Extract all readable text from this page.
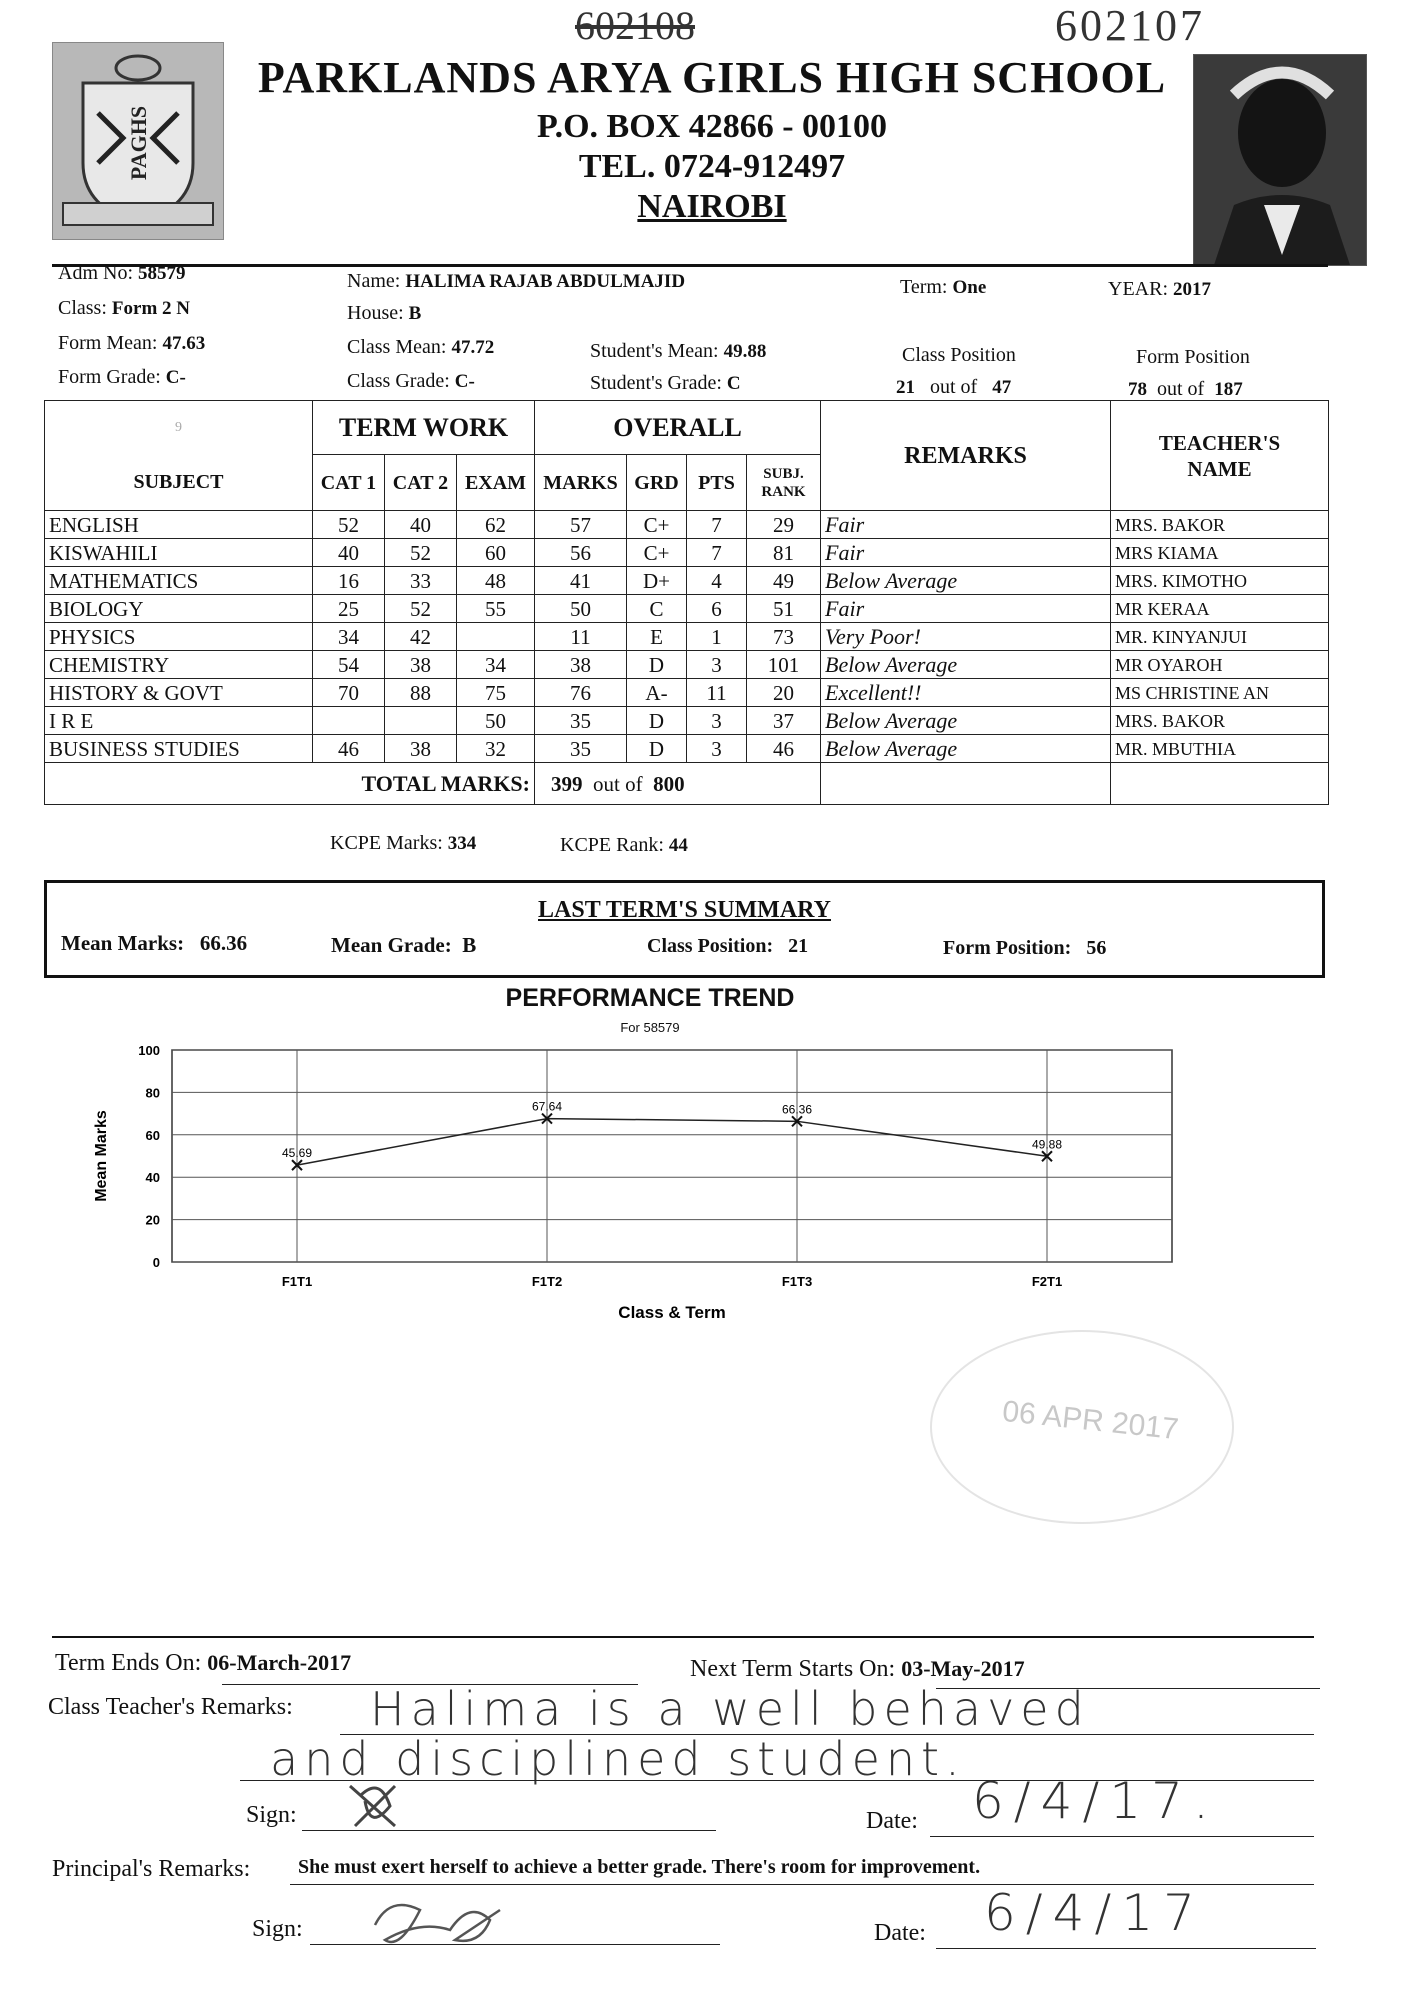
602108	602107
PAGHS
PARKLANDS ARYA GIRLS HIGH SCHOOL
P.O. BOX 42866 - 00100
TEL. 0724-912497
NAIROBI
Adm No: 58579	Name: HALIMA RAJAB ABDULMAJID	Term: One	YEAR: 2017
Class: Form 2 N	House: B
Form Mean: 47.63	Class Mean: 47.72	Student's Mean: 49.88	Class Position	Form Position
Form Grade: C-	Class Grade: C-	Student's Grade: C	21 out of 47	78 out of 187
9	TERM WORK			OVERALL				REMARKS	TEACHER'S
NAME

SUBJECT	CAT 1	CAT 2	EXAM	MARKS	GRD	PTS	SUBJ.
RANK		

ENGLISH	52	40	62	57	C+	7	29	Fair	MRS. BAKOR
KISWAHILI	40	52	60	56	C+	7	81	Fair	MRS KIAMA
MATHEMATICS	16	33	48	41	D+	4	49	Below Average	MRS. KIMOTHO
BIOLOGY	25	52	55	50	C	6	51	Fair	MR KERAA
PHYSICS	34	42		11	E	1	73	Very Poor!	MR. KINYANJUI
CHEMISTRY	54	38	34	38	D	3	101	Below Average	MR OYAROH
HISTORY & GOVT	70	88	75	76	A-	11	20	Excellent!!	MS CHRISTINE AN
I R E			50	35	D	3	37	Below Average	MRS. BAKOR
BUSINESS STUDIES	46	38	32	35	D	3	46	Below Average	MR. MBUTHIA
TOTAL MARKS:				399 out of 800					
KCPE Marks: 334	KCPE Rank: 44
LAST TERM'S SUMMARY
Mean Marks: 66.36	Mean Grade: B	Class Position: 21	Form Position: 56
PERFORMANCE TREND
For 58579
0
20
40
60
80
100
F1T1	F1T2	F1T3	F2T1
45.69
67.64	66.36
49.88
Class & Term
Mean Marks
06 APR 2017
Term Ends On: 06-March-2017	Next Term Starts On: 03-May-2017
Class Teacher's Remarks: Halima is a well behaved
and disciplined student.
Sign:	Date: 6/4/17.
Principal's Remarks: She must exert herself to achieve a better grade. There's room for improvement.
Sign:	Date: 6/4/17
